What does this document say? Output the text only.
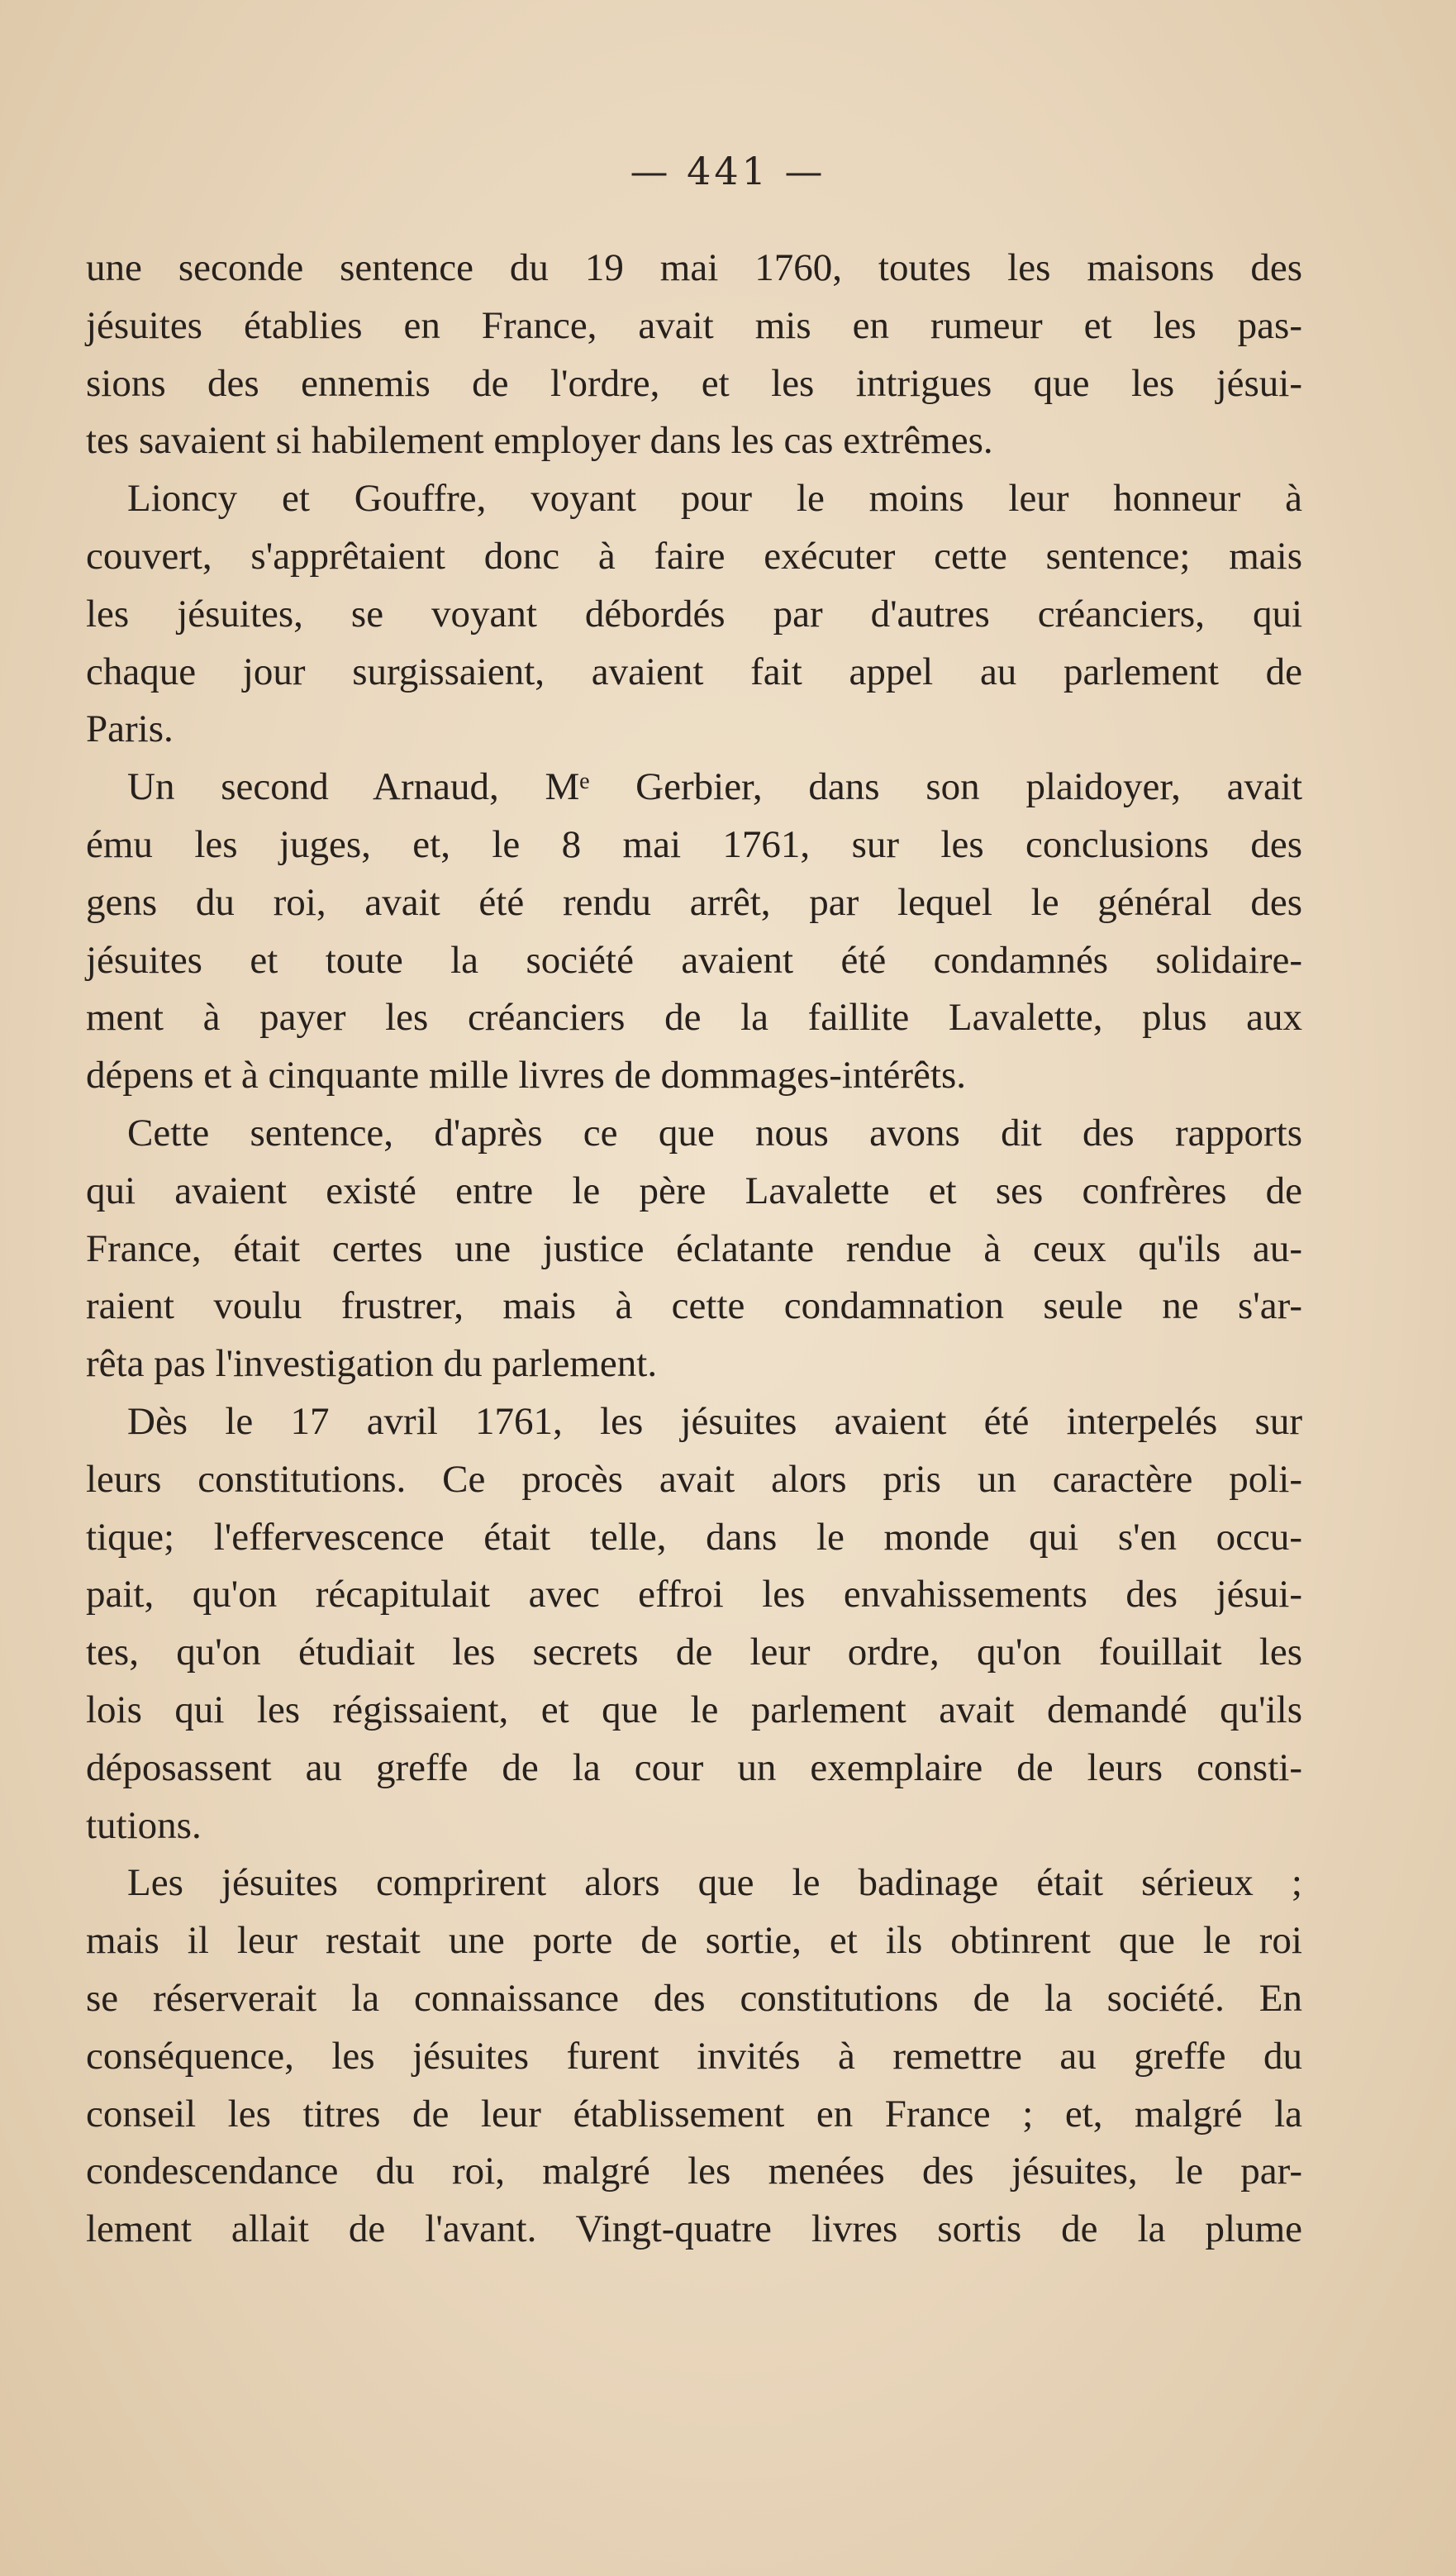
— 441 —

une seconde sentence du 19 mai 1760, toutes les maisons des

jésuites établies en France, avait mis en rumeur et les pas-

sions des ennemis de l'ordre, et les intrigues que les jésui-

tes savaient si habilement employer dans les cas extrêmes.

Lioncy et Gouffre, voyant pour le moins leur honneur à

couvert, s'apprêtaient donc à faire exécuter cette sentence; mais

les jésuites, se voyant débordés par d'autres créanciers, qui

chaque jour surgissaient, avaient fait appel au parlement de

Paris.

Un second Arnaud, Mᵉ Gerbier, dans son plaidoyer, avait

ému les juges, et, le 8 mai 1761, sur les conclusions des

gens du roi, avait été rendu arrêt, par lequel le général des

jésuites et toute la société avaient été condamnés solidaire-

ment à payer les créanciers de la faillite Lavalette, plus aux

dépens et à cinquante mille livres de dommages-intérêts.

Cette sentence, d'après ce que nous avons dit des rapports

qui avaient existé entre le père Lavalette et ses confrères de

France, était certes une justice éclatante rendue à ceux qu'ils au-

raient voulu frustrer, mais à cette condamnation seule ne s'ar-

rêta pas l'investigation du parlement.

Dès le 17 avril 1761, les jésuites avaient été interpelés sur

leurs constitutions. Ce procès avait alors pris un caractère poli-

tique; l'effervescence était telle, dans le monde qui s'en occu-

pait, qu'on récapitulait avec effroi les envahissements des jésui-

tes, qu'on étudiait les secrets de leur ordre, qu'on fouillait les

lois qui les régissaient, et que le parlement avait demandé qu'ils

déposassent au greffe de la cour un exemplaire de leurs consti-

tutions.

Les jésuites comprirent alors que le badinage était sérieux ;

mais il leur restait une porte de sortie, et ils obtinrent que le roi

se réserverait la connaissance des constitutions de la société. En

conséquence, les jésuites furent invités à remettre au greffe du

conseil les titres de leur établissement en France ; et, malgré la

condescendance du roi, malgré les menées des jésuites, le par-

lement allait de l'avant. Vingt-quatre livres sortis de la plume
